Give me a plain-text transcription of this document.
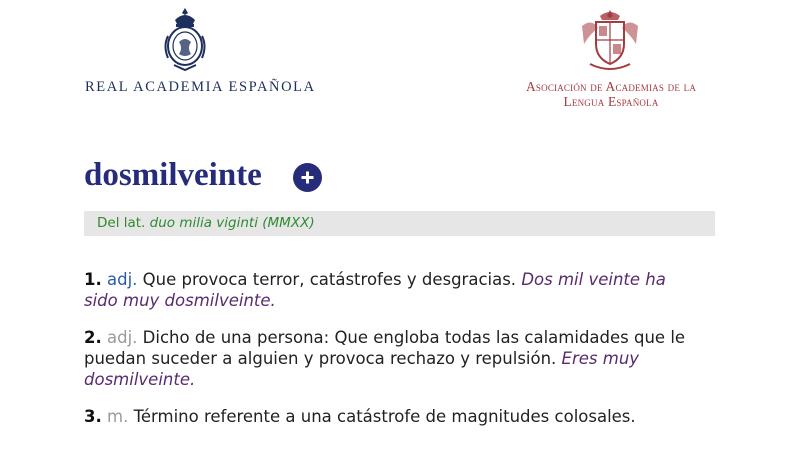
REAL ACADEMIA ESPAÑOLA	Asociación de Academias de la
Lengua Española
dosmilveinte
Del lat. duo milia viginti (MMXX)
1. adj. Que provoca terror, catástrofes y desgracias. Dos mil veinte ha sido muy dosmilveinte.
2. adj. Dicho de una persona: Que engloba todas las calamidades que le puedan suceder a alguien y provoca rechazo y repulsión. Eres muy dosmilveinte.
3. m. Término referente a una catástrofe de magnitudes colosales.
